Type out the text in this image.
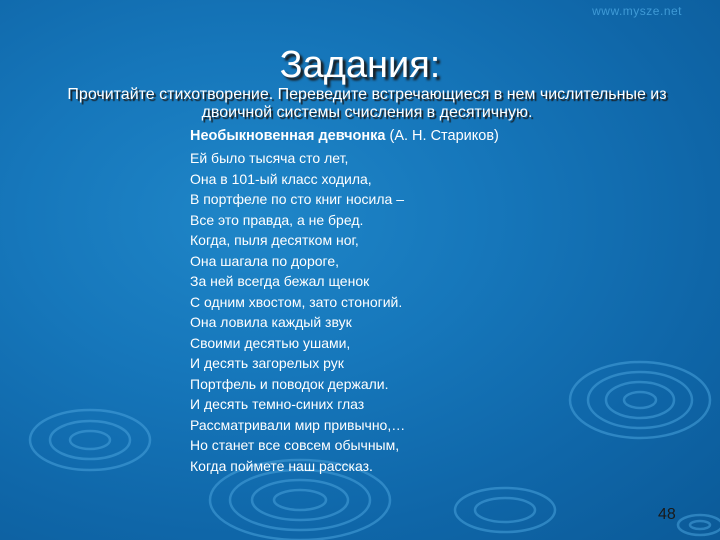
www.mysze.net
Задания:
Прочитайте стихотворение. Переведите встречающиеся в нем числительные из двоичной системы счисления в десятичную.

Необыкновенная девчонка (А. Н. Стариков)

Ей было тысяча сто лет,

Она в 101-ый класс ходила,

В портфеле по сто книг носила –

Все это правда, а не бред.

Когда, пыля десятком ног,

Она шагала по дороге,

За ней всегда бежал щенок

С одним хвостом, зато стоногий.

Она ловила каждый звук

Своими десятью ушами,

И десять загорелых рук

Портфель и поводок держали.

И десять темно-синих глаз

Рассматривали мир привычно,…

Но станет все совсем обычным,

Когда поймете наш рассказ.

48
